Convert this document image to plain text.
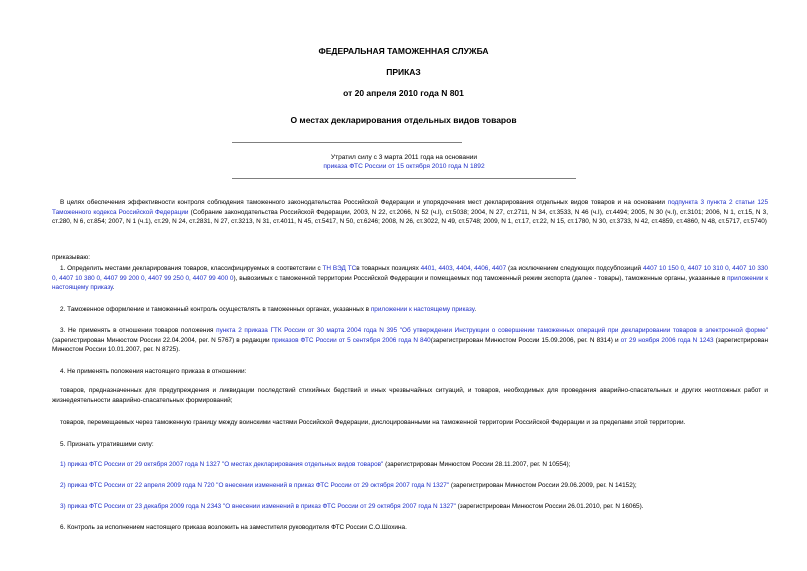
ФЕДЕРАЛЬНАЯ ТАМОЖЕННАЯ СЛУЖБА
ПРИКАЗ
от 20 апреля 2010 года N 801
О местах декларирования отдельных видов товаров
Утратил силу с 3 марта 2011 года на основании
приказа ФТС России от 15 октября 2010 года N 1892
В целях обеспечения эффективности контроля соблюдения таможенного законодательства Российской Федерации и упорядочения мест декларирования отдельных видов товаров и на основании подпункта 3 пункта 2 статьи 125 Таможенного кодекса Российской Федерации (Собрание законодательства Российской Федерации, 2003, N 22, ст.2066, N 52 (ч.I), ст.5038; 2004, N 27, ст.2711, N 34, ст.3533, N 46 (ч.I), ст.4494; 2005, N 30 (ч.I), ст.3101; 2006, N 1, ст.15, N 3, ст.280, N 6, ст.854; 2007, N 1 (ч.1), ст.29, N 24, ст.2831, N 27, ст.3213, N 31, ст.4011, N 45, ст.5417, N 50, ст.6246; 2008, N 26, ст.3022, N 49, ст.5748; 2009, N 1, ст.17, ст.22, N 15, ст.1780, N 30, ст.3733, N 42, ст.4859, ст.4860, N 48, ст.5717, ст.5740)
приказываю:
1. Определить местами декларирования товаров, классифицируемых в соответствии с ТН ВЭД ТСв товарных позициях 4401, 4403, 4404, 4406, 4407 (за исключением следующих подсубпозиций 4407 10 150 0, 4407 10 310 0, 4407 10 330 0, 4407 10 380 0, 4407 99 200 0, 4407 99 250 0, 4407 99 400 0), вывозимых с таможенной территории Российской Федерации и помещаемых под таможенный режим экспорта (далее - товары), таможенные органы, указанные в приложении к настоящему приказу.
2. Таможенное оформление и таможенный контроль осуществлять в таможенных органах, указанных в приложении к настоящему приказу.
3. Не применять в отношении товаров положения пункта 2 приказа ГТК России от 30 марта 2004 года N 395 "Об утверждении Инструкции о совершении таможенных операций при декларировании товаров в электронной форме" (зарегистрирован Минюстом России 22.04.2004, рег. N 5767) в редакции приказов ФТС России от 5 сентября 2006 года N 840(зарегистрирован Минюстом России 15.09.2006, рег. N 8314) и от 29 ноября 2006 года N 1243 (зарегистрирован Минюстом России 10.01.2007, рег. N 8725).
4. Не применять положения настоящего приказа в отношении:
товаров, предназначенных для предупреждения и ликвидации последствий стихийных бедствий и иных чрезвычайных ситуаций, и товаров, необходимых для проведения аварийно-спасательных и других неотложных работ и жизнедеятельности аварийно-спасательных формирований;
товаров, перемещаемых через таможенную границу между воинскими частями Российской Федерации, дислоцированными на таможенной территории Российской Федерации и за пределами этой территории.
5. Признать утратившими силу:
1) приказ ФТС России от 29 октября 2007 года N 1327 "О местах декларирования отдельных видов товаров" (зарегистрирован Минюстом России 28.11.2007, рег. N 10554);
2) приказ ФТС России от 22 апреля 2009 года N 720 "О внесении изменений в приказ ФТС России от 29 октября 2007 года N 1327" (зарегистрирован Минюстом России 29.06.2009, рег. N 14152);
3) приказ ФТС России от 23 декабря 2009 года N 2343 "О внесении изменений в приказ ФТС России от 29 октября 2007 года N 1327" (зарегистрирован Минюстом России 26.01.2010, рег. N 16065).
6. Контроль за исполнением настоящего приказа возложить на заместителя руководителя ФТС России С.О.Шохина.
